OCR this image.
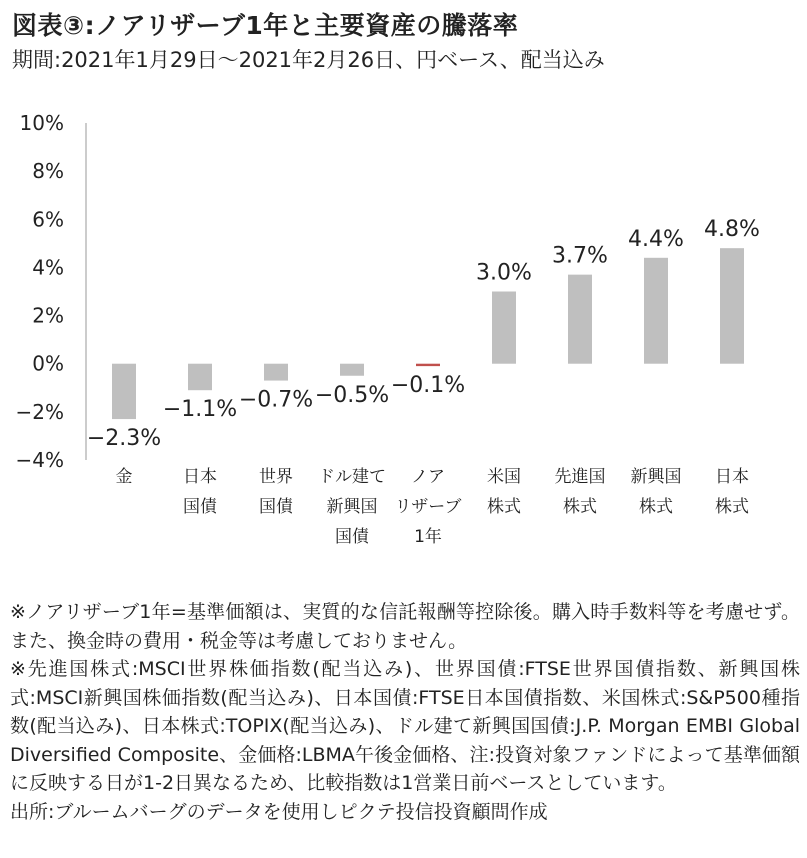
図表③:ノアリザーブ1年と主要資産の騰落率
期間:2021年1月29日～2021年2月26日、円ベース、配当込み
10%
8%
6%
4%
2%
0%
−2%
−4%
−2.3%
金
−1.1%
日本
国債
−0.7%
世界
国債
−0.5%
ドル建て
新興国
国債
−0.1%
ノア
リザーブ
1年
3.0%
米国
株式
3.7%
先進国
株式
4.4%
新興国
株式
4.8%
日本
株式

※ノアリザーブ1年=基準価額は、実質的な信託報酬等控除後。購入時手数料等を考慮せず。また、換金時の費用・税金等は考慮しておりません。

※先進国株式:MSCI世界株価指数(配当込み)、世界国債:FTSE世界国債指数、新興国株式:MSCI新興国株価指数(配当込み)、日本国債:FTSE日本国債指数、米国株式:S&P500種指数(配当込み)、日本株式:TOPIX(配当込み)、ドル建て新興国国債:J.P. Morgan EMBI Global Diversified Composite、金価格:LBMA午後金価格、注:投資対象ファンドによって基準価額に反映する日が1-2日異なるため、比較指数は1営業日前ベースとしています。

出所:ブルームバーグのデータを使用しピクテ投信投資顧問作成
